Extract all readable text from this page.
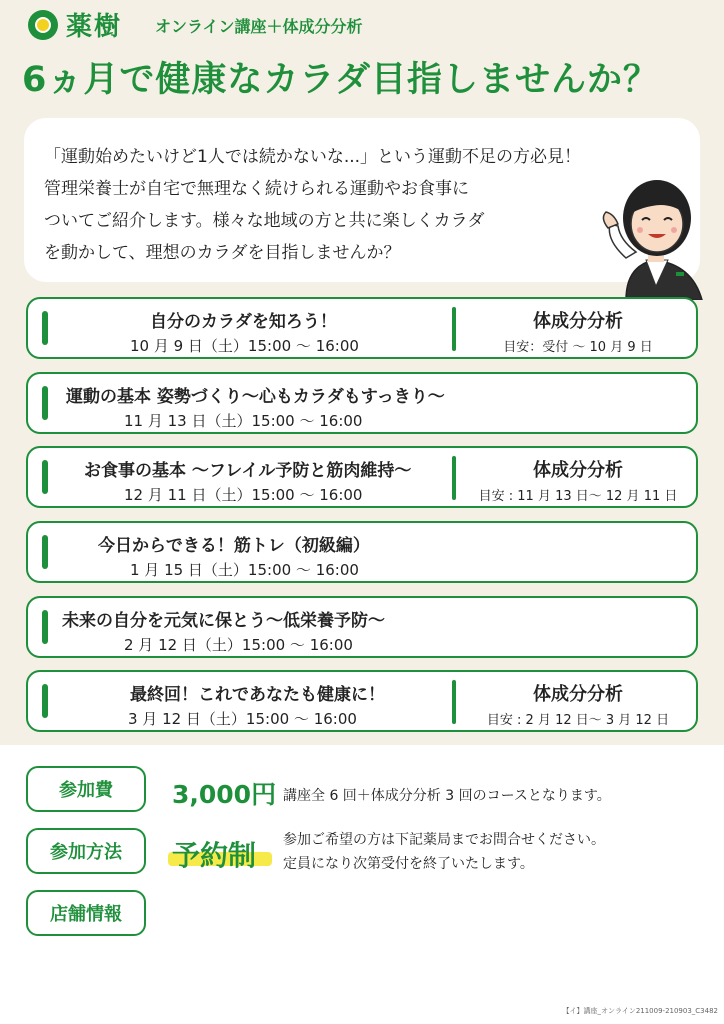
薬樹 オンライン講座＋体成分分析
6ヵ月で健康なカラダ目指しませんか？
「運動始めたいけど1人では続かないな...」という運動不足の方必見！
管理栄養士が自宅で無理なく続けられる運動やお食事に
ついてご紹介します。様々な地域の方と共に楽しくカラダ
を動かして、理想のカラダを目指しませんか？
自分のカラダを知ろう！
10 月 9 日（土）15:00 ～ 16:00
体成分分析
目安：受付 ～ 10 月 9 日
運動の基本 姿勢づくり～心もカラダもすっきり～
11 月 13 日（土）15:00 ～ 16:00
お食事の基本 ～フレイル予防と筋肉維持～
12 月 11 日（土）15:00 ～ 16:00
体成分分析
目安 : 11 月 13 日～ 12 月 11 日
今日からできる！筋トレ（初級編）
1 月 15 日（土）15:00 ～ 16:00
未来の自分を元気に保とう～低栄養予防～
2 月 12 日（土）15:00 ～ 16:00
最終回！これであなたも健康に！
3 月 12 日（土）15:00 ～ 16:00
体成分分析
目安 : 2 月 12 日～ 3 月 12 日
参加費	3,000円 講座全 6 回＋体成分分析 3 回のコースとなります。
参加方法	予約制 参加ご希望の方は下記薬局までお問合せください。
定員になり次第受付を終了いたします。
店舗情報
【イ】講座_オンライン211009-210903_C3482
